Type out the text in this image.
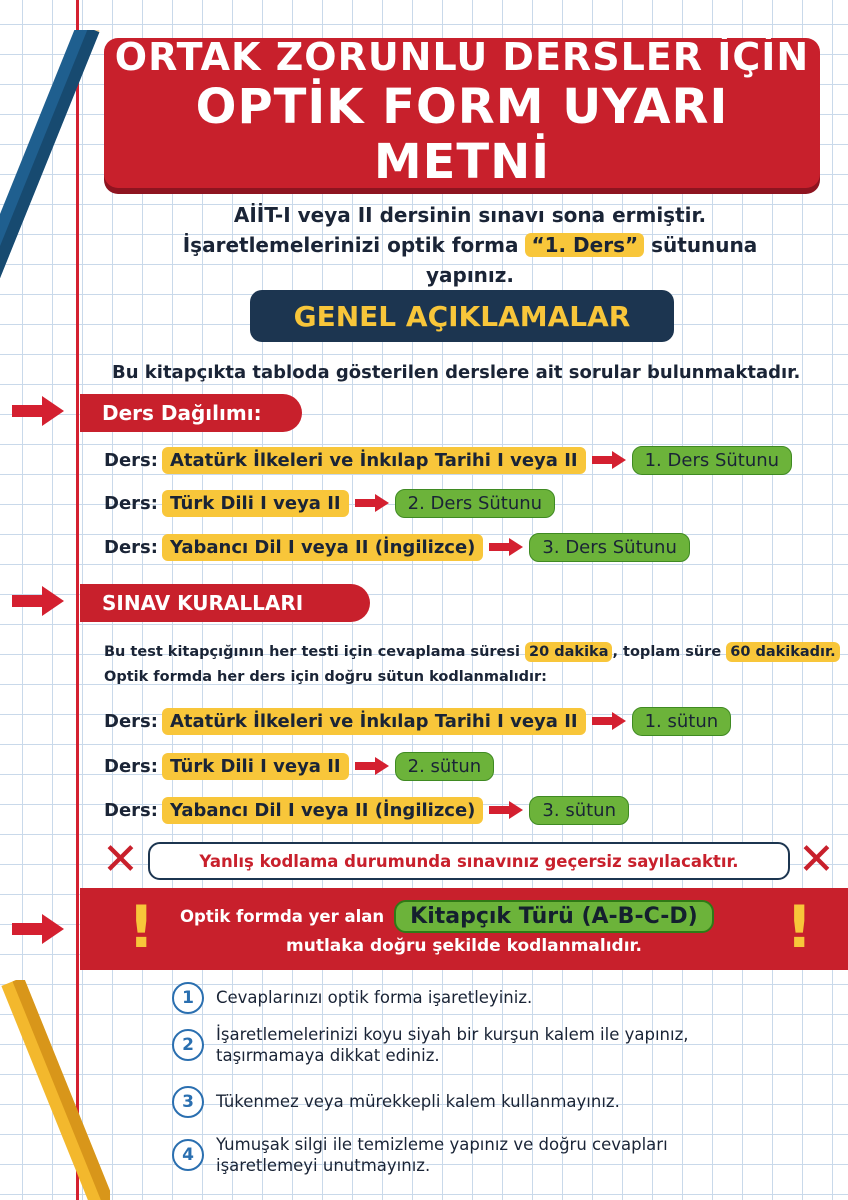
ORTAK ZORUNLU DERSLER İÇİN
OPTİK FORM UYARI METNİ
AİİT-I veya II dersinin sınavı sona ermiştir.
İşaretlemelerinizi optik forma “1. Ders” sütununa yapınız.
GENEL AÇIKLAMALAR
Bu kitapçıkta tabloda gösterilen derslere ait sorular bulunmaktadır.
Ders Dağılımı:
Ders: Atatürk İlkeleri ve İnkılap Tarihi I veya II	1. Ders Sütunu
Ders: Türk Dili I veya II	2. Ders Sütunu
Ders: Yabancı Dil I veya II (İngilizce)	3. Ders Sütunu
SINAV KURALLARI
Bu test kitapçığının her testi için cevaplama süresi 20 dakika , toplam süre 60 dakikadır.
Optik formda her ders için doğru sütun kodlanmalıdır:
Ders: Atatürk İlkeleri ve İnkılap Tarihi I veya II	1. sütun
Ders: Türk Dili I veya II	2. sütun
Ders: Yabancı Dil I veya II (İngilizce)	3. sütun
✕	Yanlış kodlama durumunda sınavınız geçersiz sayılacaktır.	✕
!	!
Optik formda yer alan	Kitapçık Türü (A-B-C-D)
mutlaka doğru şekilde kodlanmalıdır.
1	Cevaplarınızı optik forma işaretleyiniz.
2
İşaretlemelerinizi koyu siyah bir kurşun kalem ile yapınız,
taşırmamaya dikkat ediniz.
3	Tükenmez veya mürekkepli kalem kullanmayınız.
4
Yumuşak silgi ile temizleme yapınız ve doğru cevapları
işaretlemeyi unutmayınız.
